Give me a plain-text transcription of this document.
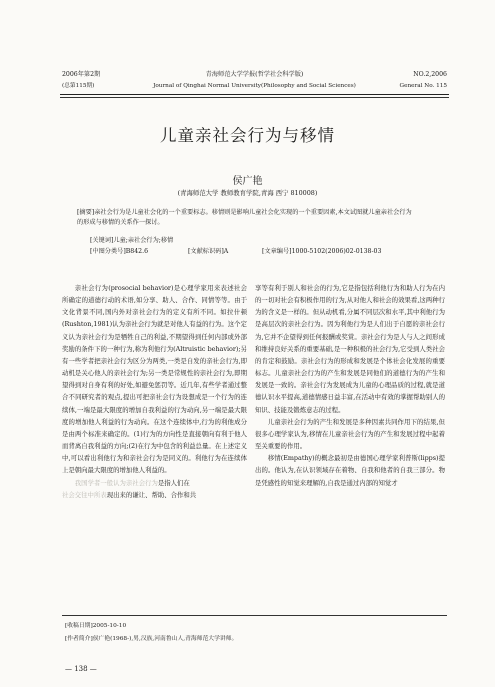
2006年第2期	青海师范大学学报(哲学社会科学版)	NO.2,2006
(总第115期)	Journal of Qinghai Normal University(Philosophy and Social Sciences)	General No. 115
儿童亲社会行为与移情
侯广艳
(青海师范大学 教师教育学院,青海 西宁 810008)
[摘要]亲社会行为是儿童社会化的一个重要标志。移情则是影响儿童社会化实现的一个重要因素,本文试图就儿童亲社会行为的形成与移情的关系作一探讨。
[关键词]儿童;亲社会行为;移情
[中图分类号]B842.6	[文献标识码]A	[文章编号]1000-5102(2006)02-0138-03

亲社会行为(prosocial behavior)是心理学家用来表述社会所确定的道德行动的术语,如分享、助人、合作、同情等等。由于文化背景不同,国内外对亲社会行为的定义有所不同。如拉什顿(Rushton,1981)认为亲社会行为就是对他人有益的行为。这个定义认为亲社会行为是牺牲自己的利益,不期望得到任何内部或外部奖励的条件下的一种行为,称为利他行为(Altruistic behavior);另有一些学者把亲社会行为区分为两类,一类是自发的亲社会行为,即动机是关心他人的亲社会行为;另一类是常规性的亲社会行为,即期望得到对自身有利的好处,如避免惩罚等。近几年,有些学者通过整合不同研究者的观点,提出可把亲社会行为设想成是一个行为的连续体,一端是最大限度的增加自我利益的行为动向,另一端是最大限度的增加他人利益的行为动向。在这个连续体中,行为的利他成分是由两个标准来确定的。(1)行为的方向性是直接朝向有利于他人而背离自我利益的方向;(2)在行为中包含的利益总量。在上述定义中,可以看出利他行为和亲社会行为是同义的。利他行为在连续体上是朝向最大限度的增加他人利益的。

我国学者一般认为亲社会行为是指人们在

社会交往中所表现出来的谦让、帮助、合作和共

享等有利于别人和社会的行为,它是指包括利他行为和助人行为在内的一切对社会有积极作用的行为,从对他人和社会的效果看,这两种行为的含义是一样的。但从动机看,分属不同层次和水平,其中利他行为是高层次的亲社会行为。因为利他行为是人们出于自愿的亲社会行为,它并不企望得到任何报酬或奖赏。亲社会行为是人与人之间形成和维持良好关系的重要基础,是一种积极的社会行为,它受到人类社会的肯定和鼓励。亲社会行为的形成和发展是个体社会化发展的重要标志。儿童亲社会行为的产生和发展是同他们的道德行为的产生和发展是一致的。亲社会行为发展成为儿童的心理品质的过程,就是道德认识水平提高,道德情感日益丰富,在活动中有效的掌握帮助别人的知识、技能及锻炼意志的过程。

儿童亲社会行为的产生和发展是多种因素共同作用下的结果,但很多心理学家认为,移情在儿童亲社会行为的产生和发展过程中起着至关重要的作用。

移情(Empathy)的概念最初是由德国心理学家利普斯(lipps)提出的。他认为,在认识领域存在着物、自我和他者的自我三部分。物是凭感性的知觉来理解的,自我是通过内部的知觉才

[收稿日期]2005-10-10
[作者简介]侯广艳(1968-),男,汉族,河南鲁山人,青海师范大学讲师。
— 138 —
